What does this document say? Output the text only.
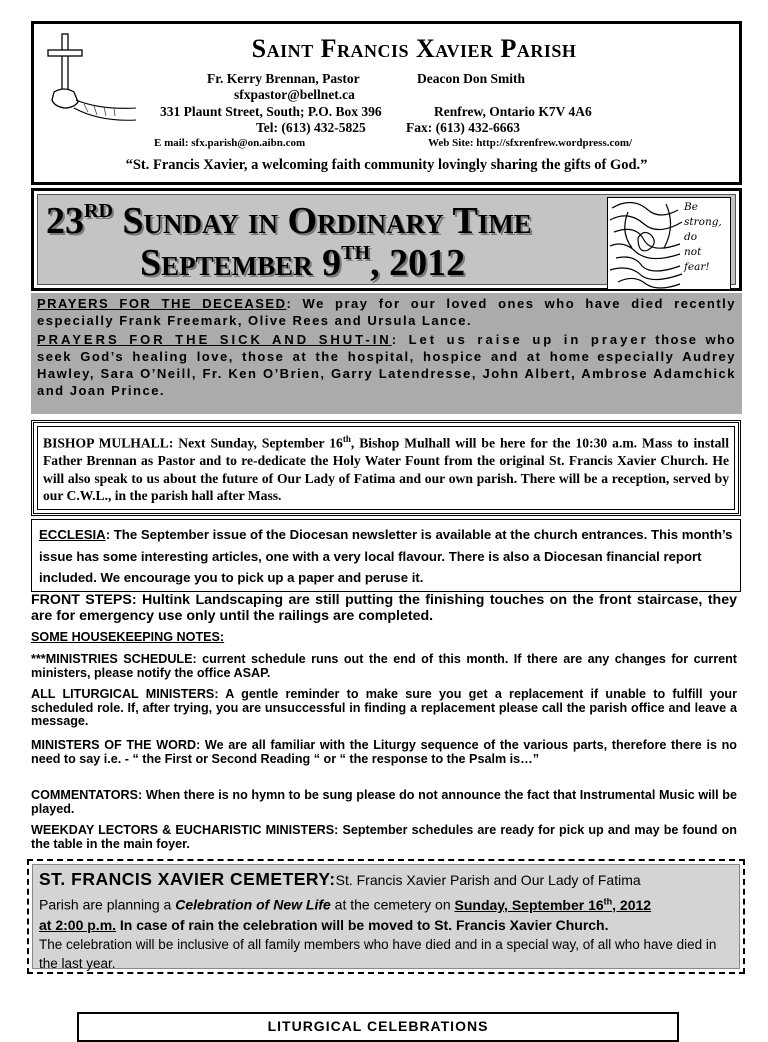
Saint Francis Xavier Parish
Fr. Kerry Brennan, Pastor	Deacon Don Smith
sfxpastor@bellnet.ca
331 Plaunt Street, South; P.O. Box 396	Renfrew, Ontario K7V 4A6
Tel: (613) 432-5825	Fax: (613) 432-6663
E mail: sfx.parish@on.aibn.com	Web Site: http://sfxrenfrew.wordpress.com/
“St. Francis Xavier, a welcoming faith community lovingly sharing the gifts of God.”
23RD Sunday in Ordinary Time
September 9TH, 2012
Be
strong,
do
not
fear!

PRAYERS FOR THE DECEASED: We pray for our loved ones who have died recently especially Frank Freemark, Olive Rees and Ursula Lance.

PRAYERS FOR THE SICK AND SHUT-IN: Let us raise up in prayer those who seek God’s healing love, those at the hospital, hospice and at home especially Audrey Hawley, Sara O’Neill, Fr. Ken O’Brien, Garry Latendresse, John Albert, Ambrose Adamchick and Joan Prince.

BISHOP MULHALL: Next Sunday, September 16th, Bishop Mulhall will be here for the 10:30 a.m. Mass to install Father Brennan as Pastor and to re-dedicate the Holy Water Fount from the original St. Francis Xavier Church. He will also speak to us about the future of Our Lady of Fatima and our own parish. There will be a reception, served by our C.W.L., in the parish hall after Mass.
ECCLESIA: The September issue of the Diocesan newsletter is available at the church entrances. This month’s issue has some interesting articles, one with a very local flavour. There is also a Diocesan financial report included. We encourage you to pick up a paper and peruse it.
FRONT STEPS: Hultink Landscaping are still putting the finishing touches on the front staircase, they are for emergency use only until the railings are completed.
SOME HOUSEKEEPING NOTES:
***MINISTRIES SCHEDULE: current schedule runs out the end of this month. If there are any changes for current ministers, please notify the office ASAP.
ALL LITURGICAL MINISTERS: A gentle reminder to make sure you get a replacement if unable to fulfill your scheduled role. If, after trying, you are unsuccessful in finding a replacement please call the parish office and leave a message.
MINISTERS OF THE WORD: We are all familiar with the Liturgy sequence of the various parts, therefore there is no need to say i.e. - “ the First or Second Reading “ or “ the response to the Psalm is…”
COMMENTATORS: When there is no hymn to be sung please do not announce the fact that Instrumental Music will be played.
WEEKDAY LECTORS & EUCHARISTIC MINISTERS: September schedules are ready for pick up and may be found on the table in the main foyer.
ST. FRANCIS XAVIER CEMETERY:St. Francis Xavier Parish and Our Lady of Fatima
Parish are planning a Celebration of New Life at the cemetery on Sunday, September 16th, 2012
at 2:00 p.m. In case of rain the celebration will be moved to St. Francis Xavier Church.
The celebration will be inclusive of all family members who have died and in a special way, of all who have died in the last year.
LITURGICAL CELEBRATIONS
